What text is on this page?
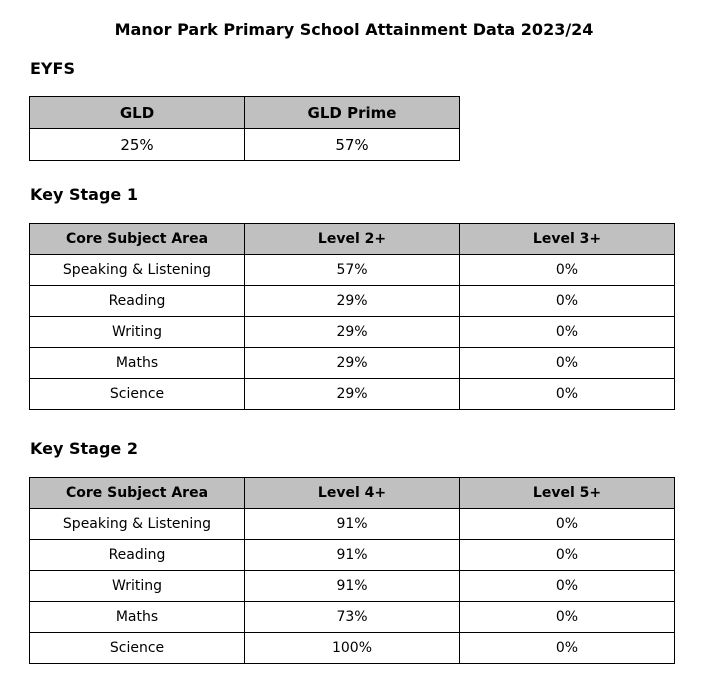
Manor Park Primary School Attainment Data 2023/24
EYFS
GLD	GLD Prime
25%	57%
Key Stage 1
Core Subject Area	Level 2+	Level 3+
Speaking & Listening	57%	0%
Reading	29%	0%
Writing	29%	0%
Maths	29%	0%
Science	29%	0%
Key Stage 2
Core Subject Area	Level 4+	Level 5+
Speaking & Listening	91%	0%
Reading	91%	0%
Writing	91%	0%
Maths	73%	0%
Science	100%	0%
